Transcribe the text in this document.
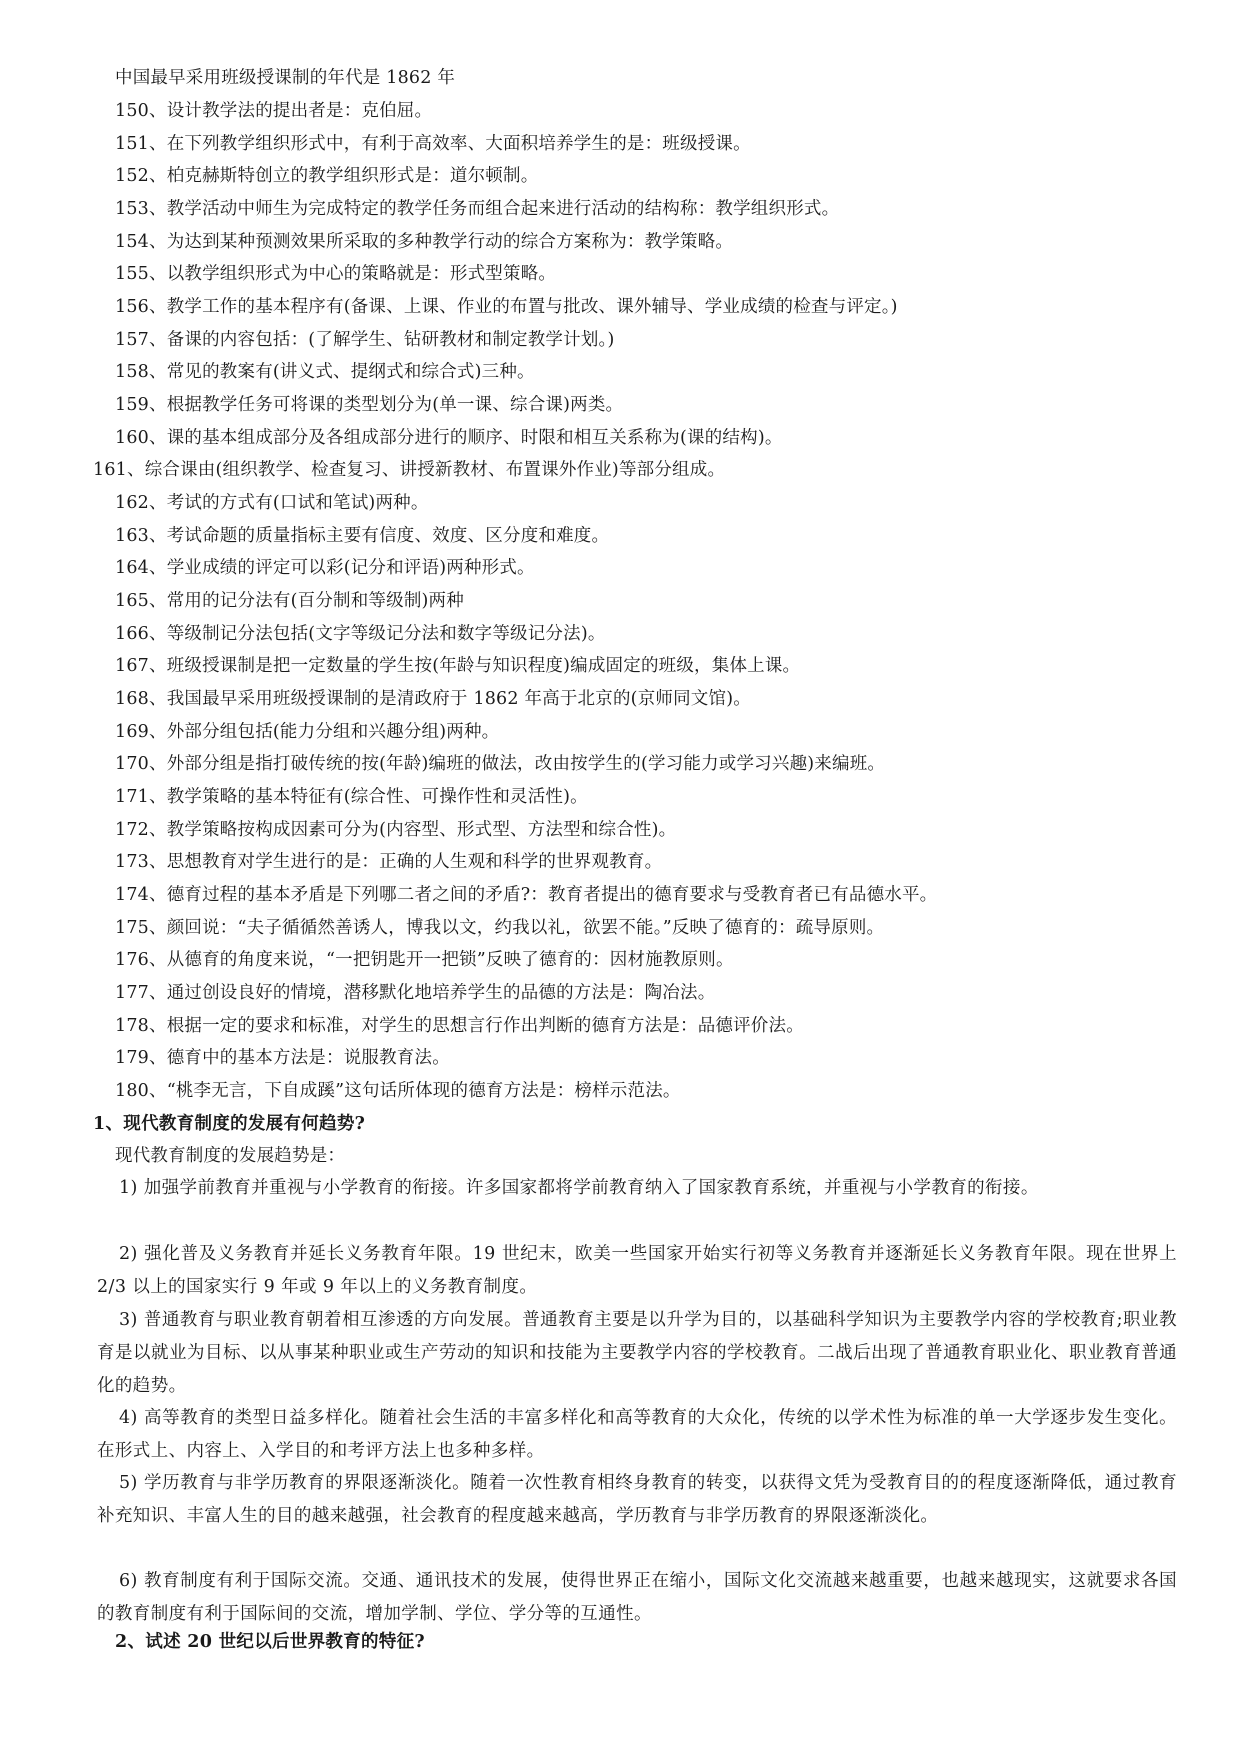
中国最早采用班级授课制的年代是 1862 年
150、设计教学法的提出者是：克伯屈。
151、在下列教学组织形式中，有利于高效率、大面积培养学生的是：班级授课。
152、柏克赫斯特创立的教学组织形式是：道尔顿制。
153、教学活动中师生为完成特定的教学任务而组合起来进行活动的结构称：教学组织形式。
154、为达到某种预测效果所采取的多种教学行动的综合方案称为：教学策略。
155、以教学组织形式为中心的策略就是：形式型策略。
156、教学工作的基本程序有(备课、上课、作业的布置与批改、课外辅导、学业成绩的检查与评定。)
157、备课的内容包括：(了解学生、钻研教材和制定教学计划。)
158、常见的教案有(讲义式、提纲式和综合式)三种。
159、根据教学任务可将课的类型划分为(单一课、综合课)两类。
160、课的基本组成部分及各组成部分进行的顺序、时限和相互关系称为(课的结构)。
161、综合课由(组织教学、检查复习、讲授新教材、布置课外作业)等部分组成。
162、考试的方式有(口试和笔试)两种。
163、考试命题的质量指标主要有信度、效度、区分度和难度。
164、学业成绩的评定可以彩(记分和评语)两种形式。
165、常用的记分法有(百分制和等级制)两种
166、等级制记分法包括(文字等级记分法和数字等级记分法)。
167、班级授课制是把一定数量的学生按(年龄与知识程度)编成固定的班级，集体上课。
168、我国最早采用班级授课制的是清政府于 1862 年高于北京的(京师同文馆)。
169、外部分组包括(能力分组和兴趣分组)两种。
170、外部分组是指打破传统的按(年龄)编班的做法，改由按学生的(学习能力或学习兴趣)来编班。
171、教学策略的基本特征有(综合性、可操作性和灵活性)。
172、教学策略按构成因素可分为(内容型、形式型、方法型和综合性)。
173、思想教育对学生进行的是：正确的人生观和科学的世界观教育。
174、德育过程的基本矛盾是下列哪二者之间的矛盾?：教育者提出的德育要求与受教育者已有品德水平。
175、颜回说：“夫子循循然善诱人，博我以文，约我以礼，欲罢不能。”反映了德育的：疏导原则。
176、从德育的角度来说，“一把钥匙开一把锁”反映了德育的：因材施教原则。
177、通过创设良好的情境，潜移默化地培养学生的品德的方法是：陶冶法。
178、根据一定的要求和标准，对学生的思想言行作出判断的德育方法是：品德评价法。
179、德育中的基本方法是：说服教育法。
180、“桃李无言，下自成蹊”这句话所体现的德育方法是：榜样示范法。
1、现代教育制度的发展有何趋势?
现代教育制度的发展趋势是：
1) 加强学前教育并重视与小学教育的衔接。许多国家都将学前教育纳入了国家教育系统，并重视与小学教育的衔接。
2) 强化普及义务教育并延长义务教育年限。19 世纪末，欧美一些国家开始实行初等义务教育并逐渐延长义务教育年限。现在世界上 2/3 以上的国家实行 9 年或 9 年以上的义务教育制度。
3) 普通教育与职业教育朝着相互渗透的方向发展。普通教育主要是以升学为目的，以基础科学知识为主要教学内容的学校教育;职业教育是以就业为目标、以从事某种职业或生产劳动的知识和技能为主要教学内容的学校教育。二战后出现了普通教育职业化、职业教育普通化的趋势。
4) 高等教育的类型日益多样化。随着社会生活的丰富多样化和高等教育的大众化，传统的以学术性为标准的单一大学逐步发生变化。在形式上、内容上、入学目的和考评方法上也多种多样。
5) 学历教育与非学历教育的界限逐渐淡化。随着一次性教育相终身教育的转变，以获得文凭为受教育目的的程度逐渐降低，通过教育补充知识、丰富人生的目的越来越强，社会教育的程度越来越高，学历教育与非学历教育的界限逐渐淡化。
6) 教育制度有利于国际交流。交通、通讯技术的发展，使得世界正在缩小，国际文化交流越来越重要，也越来越现实，这就要求各国的教育制度有利于国际间的交流，增加学制、学位、学分等的互通性。
2、试述 20 世纪以后世界教育的特征?
